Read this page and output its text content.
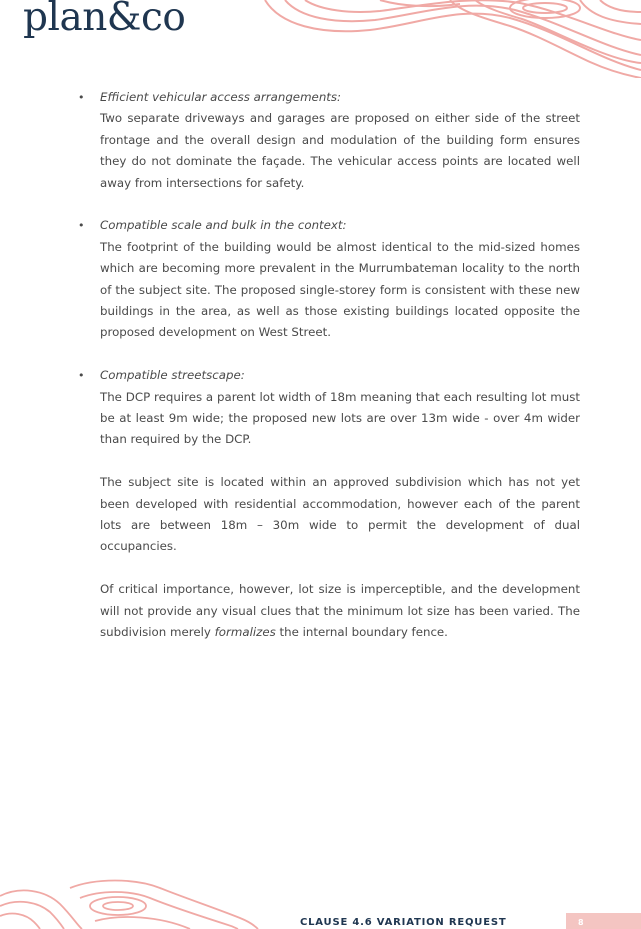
plan&co
• Efficient vehicular access arrangements:

Two separate driveways and garages are proposed on either side of the street frontage and the overall design and modulation of the building form ensures they do not dominate the façade. The vehicular access points are located well away from intersections for safety.

• Compatible scale and bulk in the context:

The footprint of the building would be almost identical to the mid-sized homes which are becoming more prevalent in the Murrumbateman locality to the north of the subject site. The proposed single-storey form is consistent with these new buildings in the area, as well as those existing buildings located opposite the proposed development on West Street.

• Compatible streetscape:

The DCP requires a parent lot width of 18m meaning that each resulting lot must be at least 9m wide; the proposed new lots are over 13m wide - over 4m wider than required by the DCP.

The subject site is located within an approved subdivision which has not yet been developed with residential accommodation, however each of the parent lots are between 18m – 30m wide to permit the development of dual occupancies.

Of critical importance, however, lot size is imperceptible, and the development will not provide any visual clues that the minimum lot size has been varied. The subdivision merely formalizes the internal boundary fence.

CLAUSE 4.6 VARIATION REQUEST	8
